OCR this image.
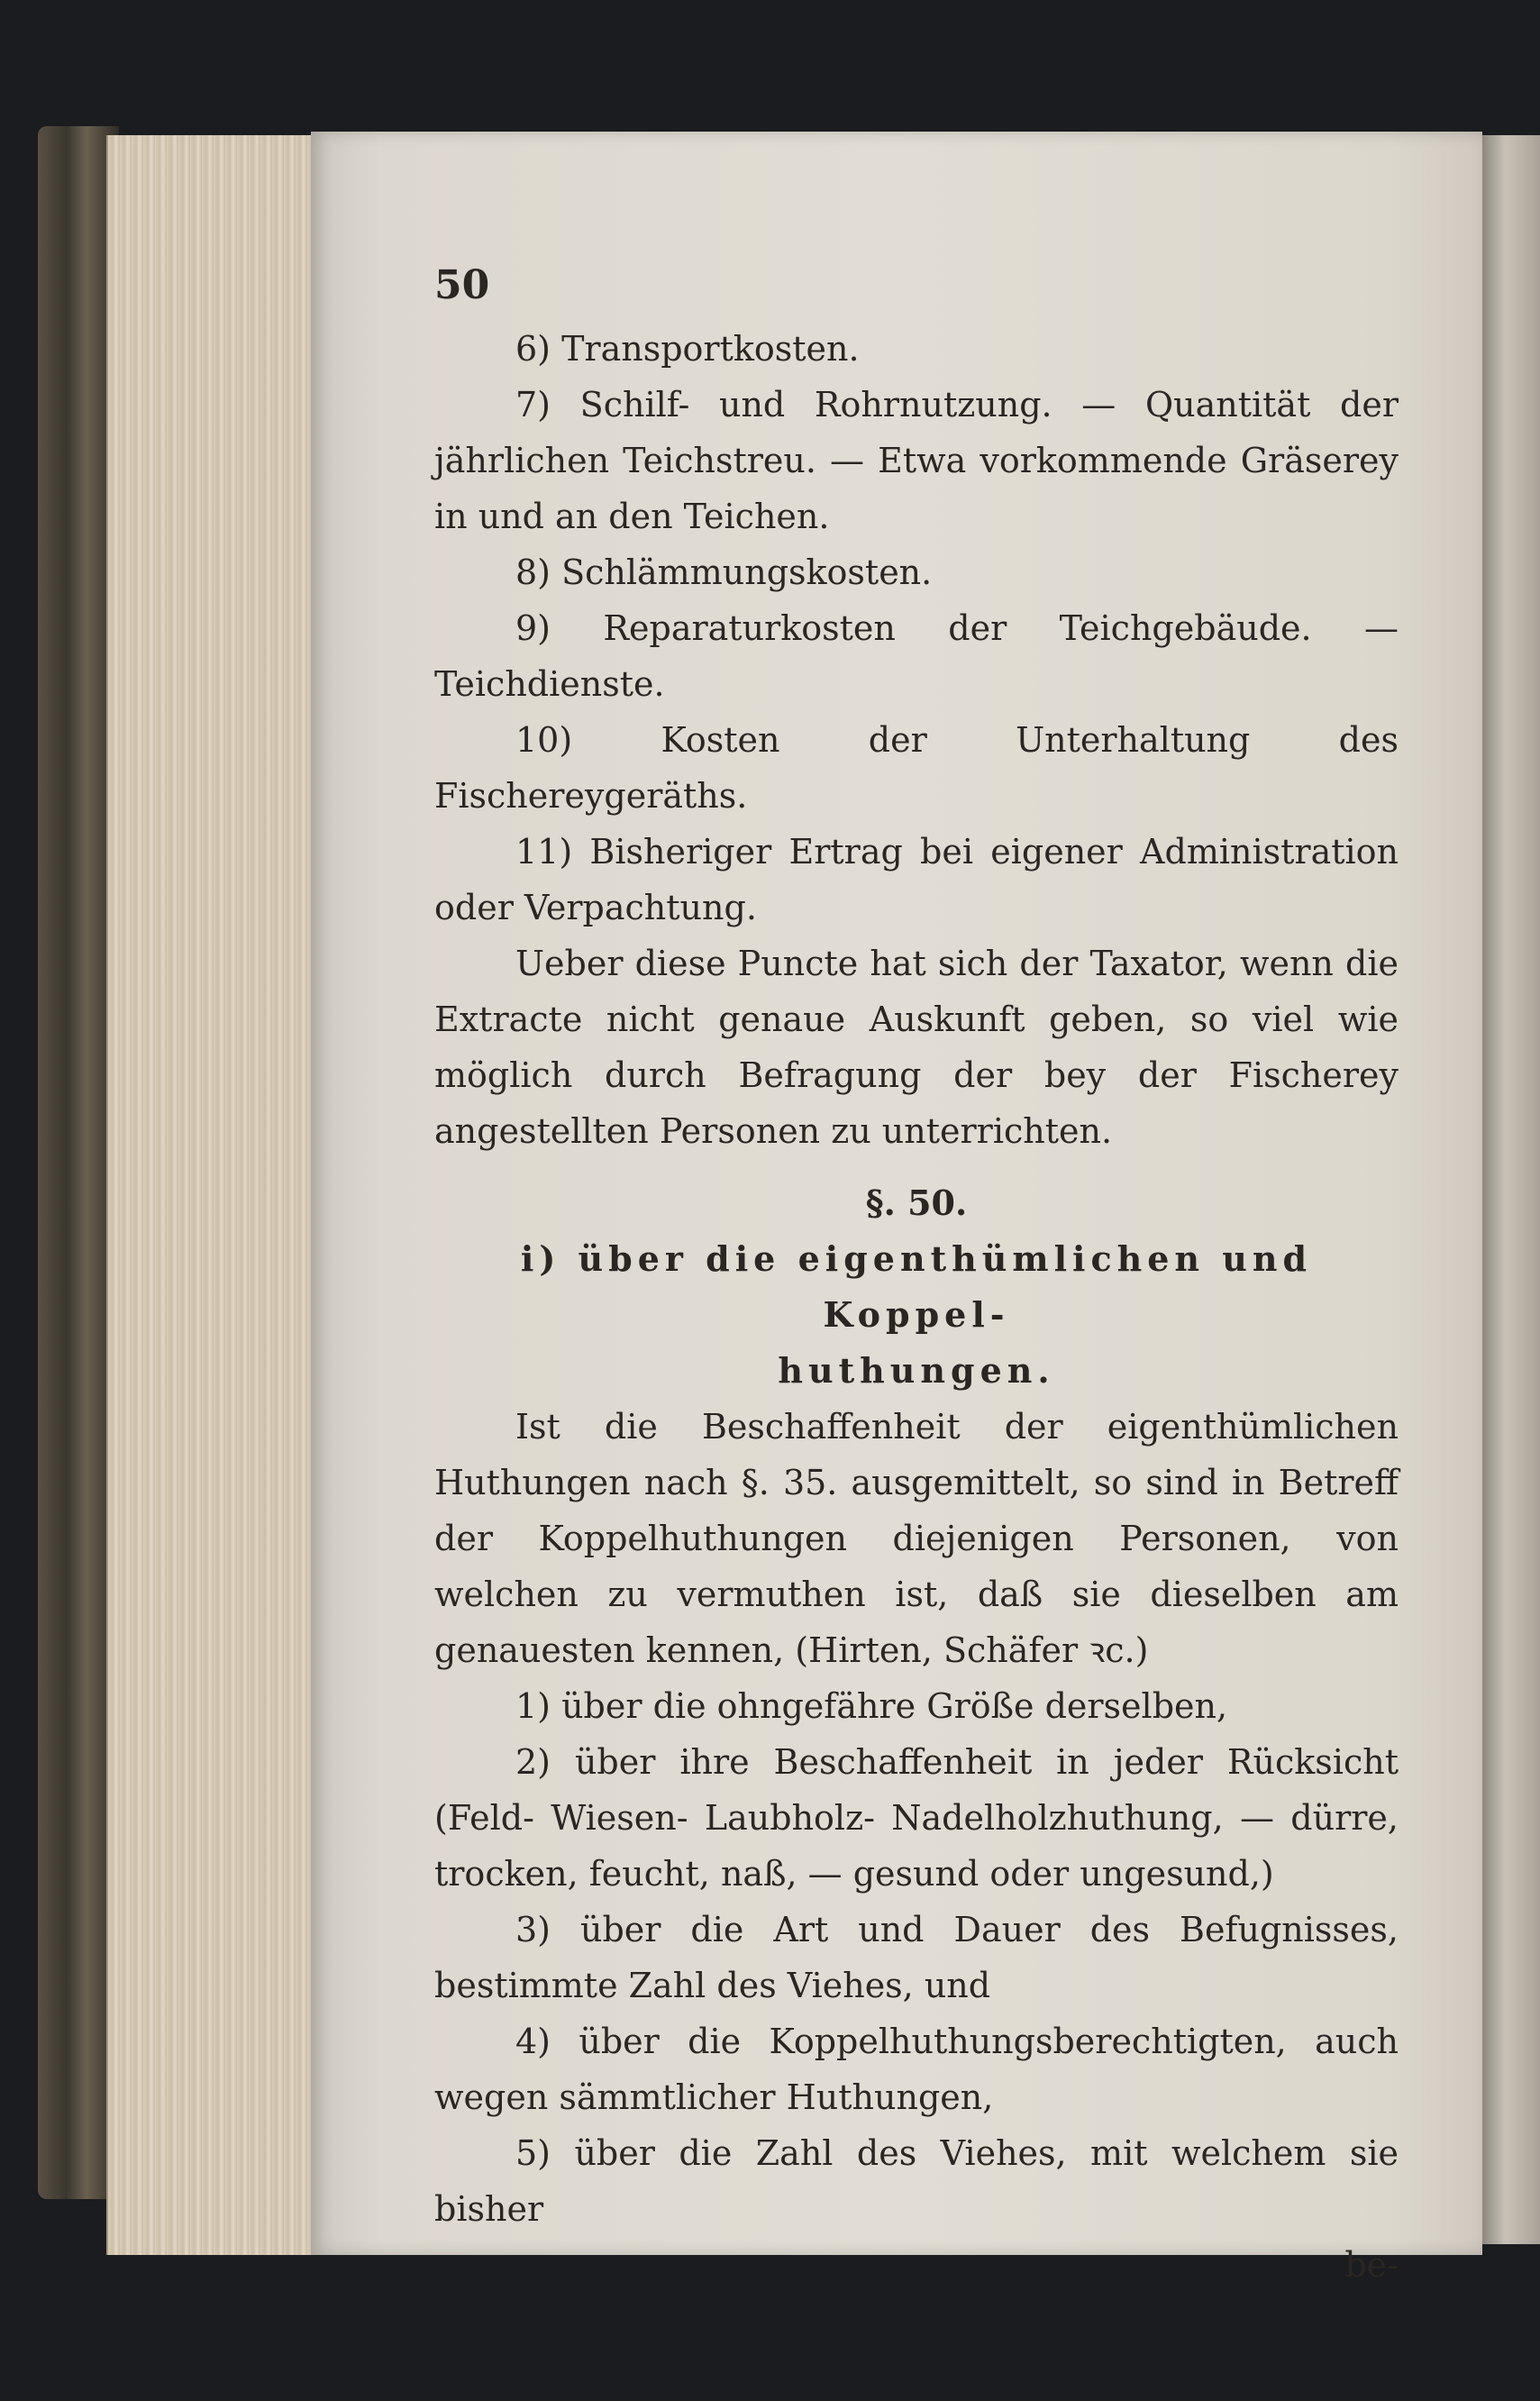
50

6) Transportkosten.

7) Schilf- und Rohrnutzung. — Quantität der jährlichen Teichstreu. — Etwa vorkommende Gräserey in und an den Teichen.

8) Schlämmungskosten.

9) Reparaturkosten der Teichgebäude. — Teichdienste.

10) Kosten der Unterhaltung des Fischereygeräths.

11) Bisheriger Ertrag bei eigener Administration oder Verpachtung.

Ueber diese Puncte hat sich der Taxator, wenn die Extracte nicht genaue Auskunft geben, so viel wie möglich durch Befragung der bey der Fischerey angestellten Personen zu unterrichten.

§. 50.

i) über die eigenthümlichen und Koppel-

huthungen.

Ist die Beschaffenheit der eigenthümlichen Huthungen nach §. 35. ausgemittelt, so sind in Betreff der Koppelhuthungen diejenigen Personen, von welchen zu vermuthen ist, daß sie dieselben am genauesten kennen, (Hirten, Schäfer ꝛc.)

1) über die ohngefähre Größe derselben,

2) über ihre Beschaffenheit in jeder Rücksicht (Feld- Wiesen- Laubholz- Nadelholzhuthung, — dürre, trocken, feucht, naß, — gesund oder ungesund,)

3) über die Art und Dauer des Befugnisses, bestimmte Zahl des Viehes, und

4) über die Koppelhuthungsberechtigten, auch wegen sämmtlicher Huthungen,

5) über die Zahl des Viehes, mit welchem sie bisher

be-
